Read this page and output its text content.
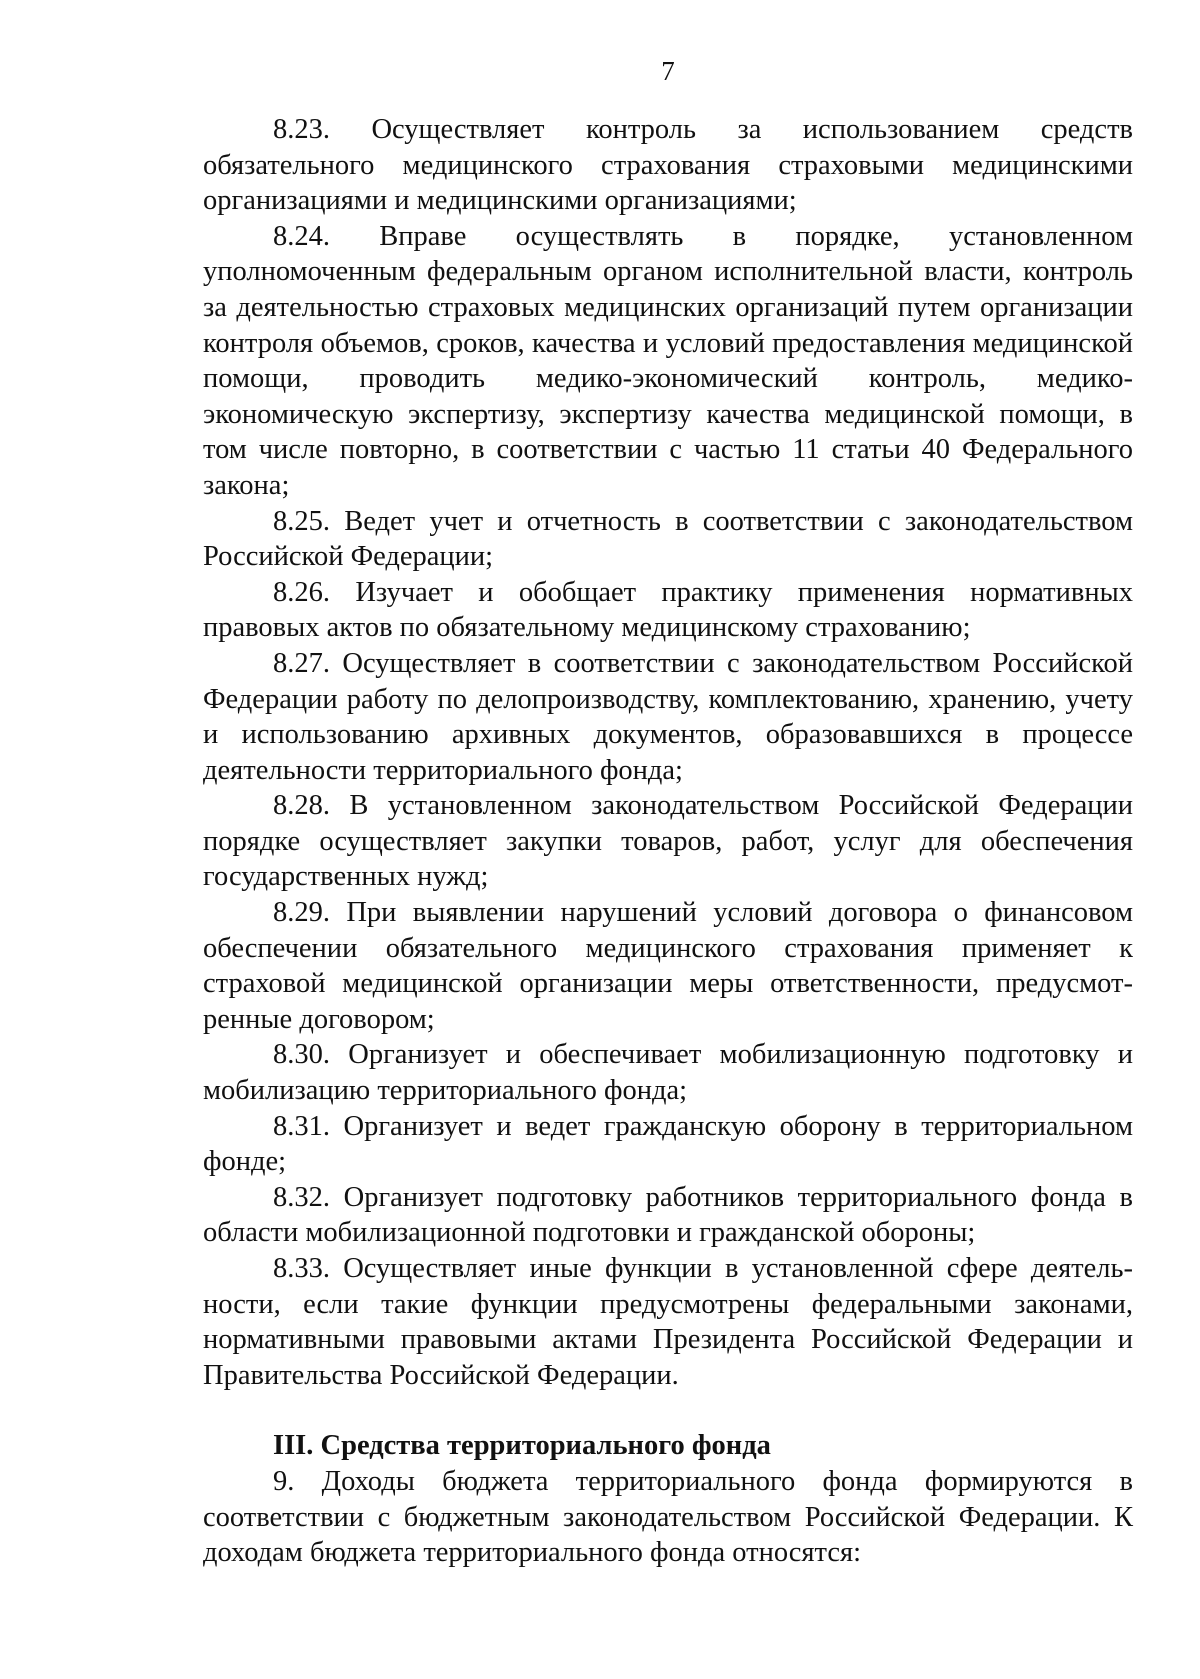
7

8.23. Осуществляет контроль за использованием средств обязательного медицинского страхования страховыми медицинскими организациями и медицинскими организациями;

8.24. Вправе осуществлять в порядке, установленном уполномоченным федеральным органом исполнительной власти, контроль за деятельностью страховых медицинских организаций путем организации контроля объемов, сроков, качества и условий предоставления медицинской помощи, проводить медико-экономический контроль, медико-экономическую экспертизу, экспертизу качества медицинской помощи, в том числе повторно, в соответствии с частью 11 статьи 40 Федерального закона;

8.25. Ведет учет и отчетность в соответствии с законодательством Российской Федерации;

8.26. Изучает и обобщает практику применения нормативных правовых актов по обязательному медицинскому страхованию;

8.27. Осуществляет в соответствии с законодательством Российской Федерации работу по делопроизводству, комплектованию, хранению, учету и использованию архивных документов, образовавшихся в процессе деятельности территориального фонда;

8.28. В установленном законодательством Российской Федерации порядке осуществляет закупки товаров, работ, услуг для обеспечения государственных нужд;

8.29. При выявлении нарушений условий договора о финансовом обеспечении обязательного медицинского страхования применяет к страховой медицинской организации меры ответственности, предусмотренные договором;

8.30. Организует и обеспечивает мобилизационную подготовку и мобилизацию территориального фонда;

8.31. Организует и ведет гражданскую оборону в территориальном фонде;

8.32. Организует подготовку работников территориального фонда в области мобилизационной подготовки и гражданской обороны;

8.33. Осуществляет иные функции в установленной сфере деятельности, если такие функции предусмотрены федеральными законами, нормативными правовыми актами Президента Российской Федерации и Правительства Российской Федерации.

III. Средства территориального фонда

9. Доходы бюджета территориального фонда формируются в соответствии с бюджетным законодательством Российской Федерации. К доходам бюджета территориального фонда относятся:
